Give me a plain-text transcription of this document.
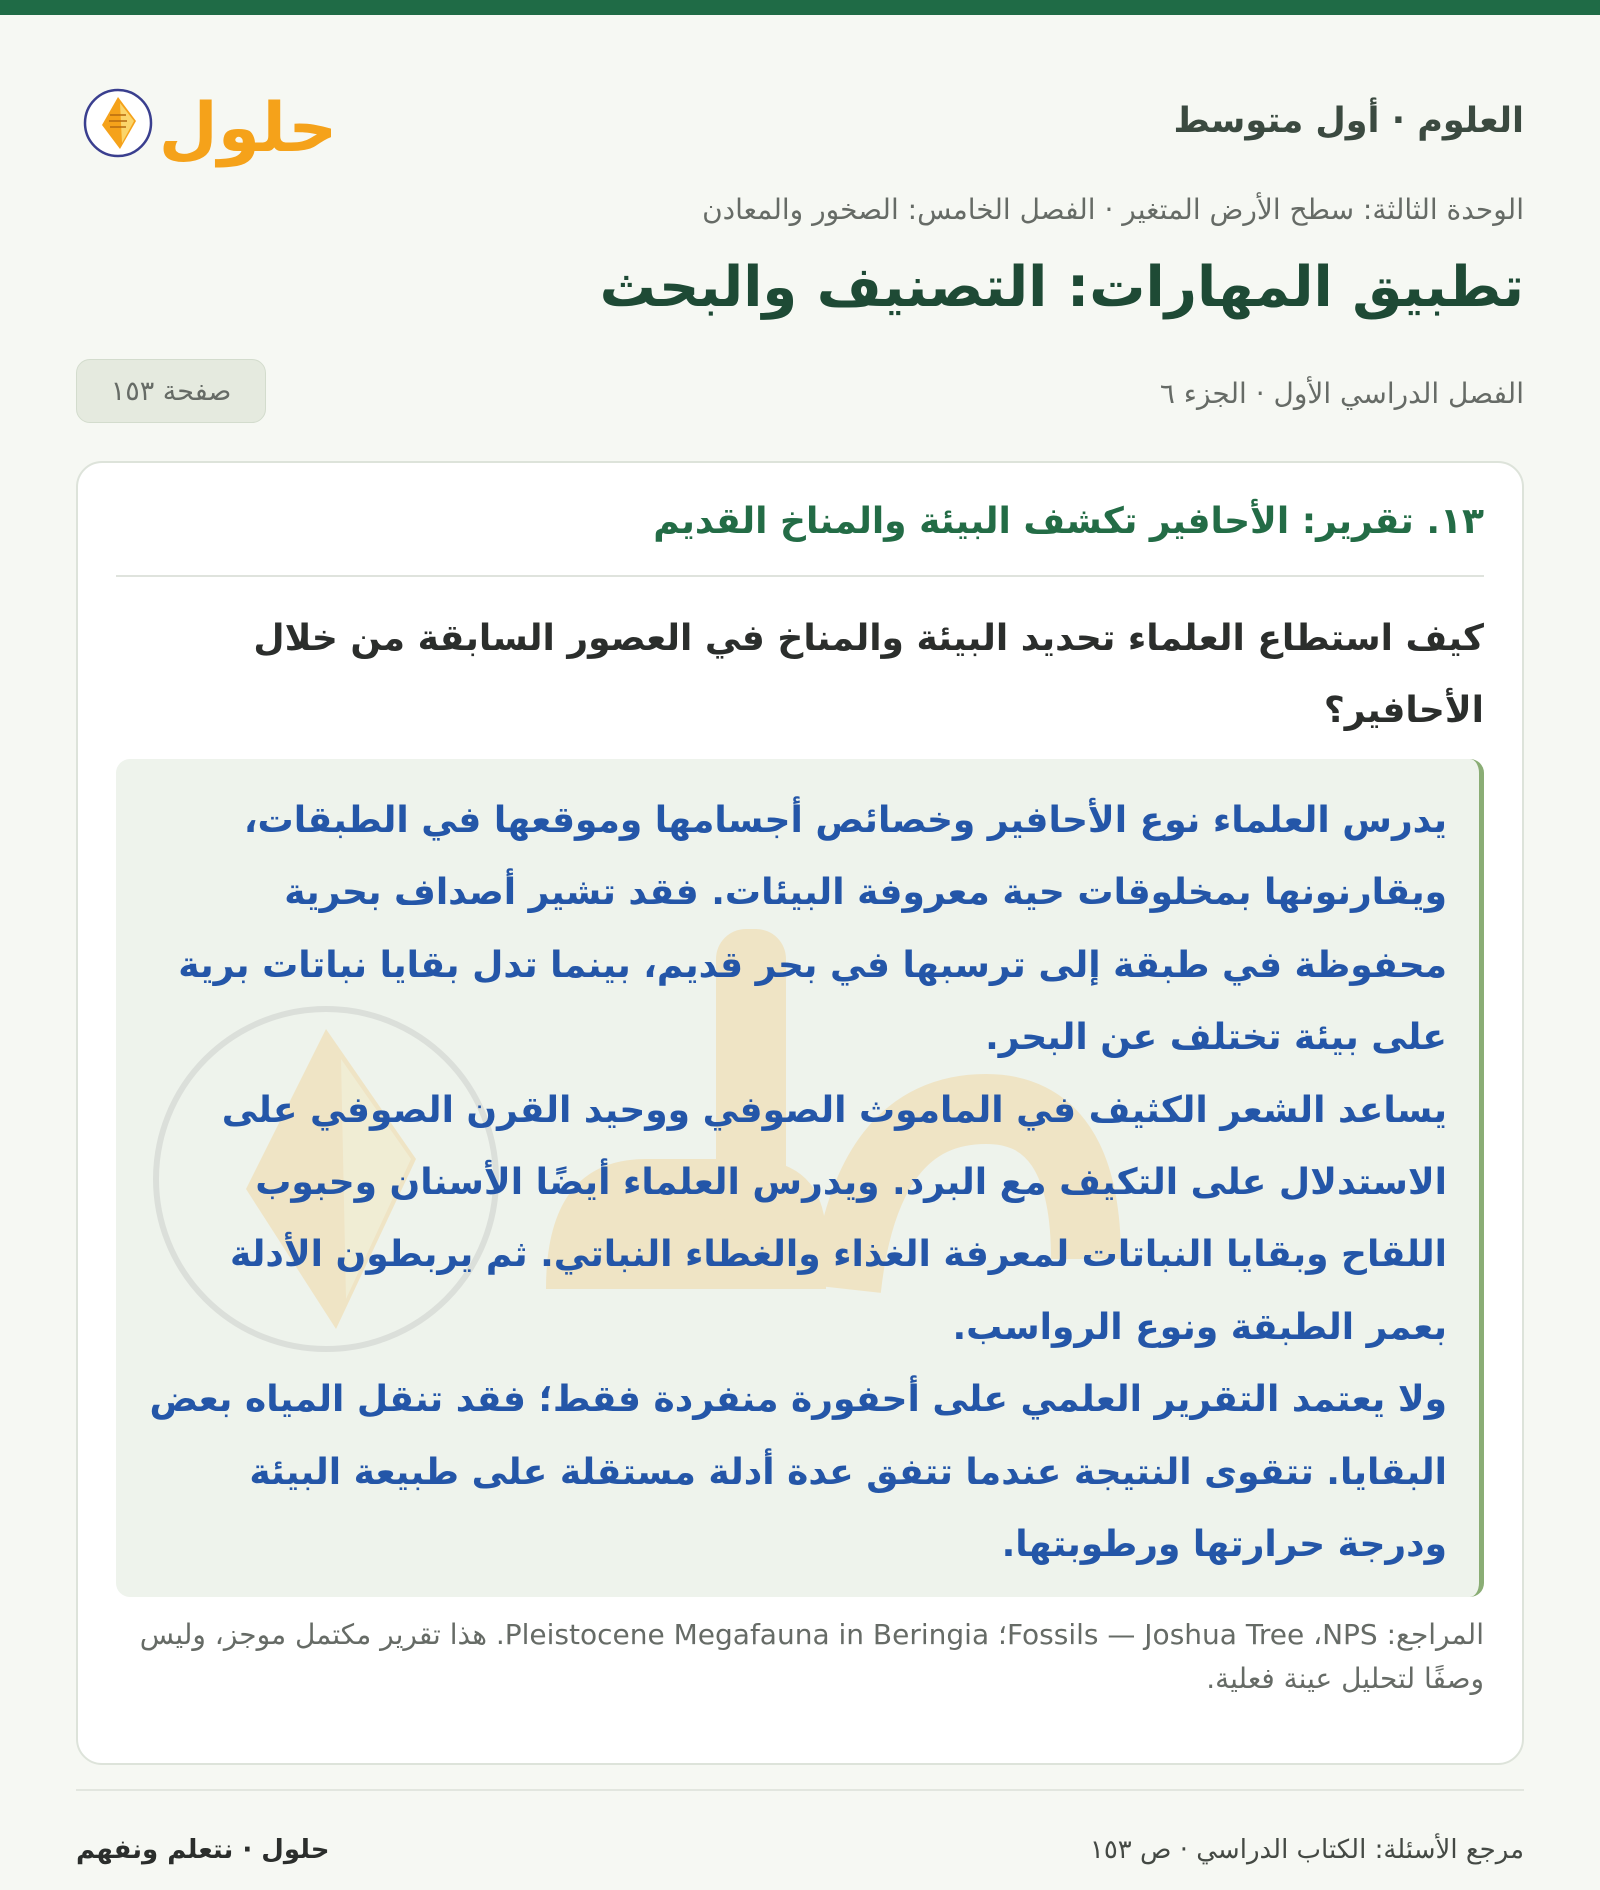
العلوم · أول متوسط
حلول
الوحدة الثالثة: سطح الأرض المتغير · الفصل الخامس: الصخور والمعادن
تطبيق المهارات: التصنيف والبحث
الفصل الدراسي الأول · الجزء ٦
صفحة ١٥٣
١٣. تقرير: الأحافير تكشف البيئة والمناخ القديم
كيف استطاع العلماء تحديد البيئة والمناخ في العصور السابقة من خلال الأحافير؟

يدرس العلماء نوع الأحافير وخصائص أجسامها وموقعها في الطبقات، ويقارنونها بمخلوقات حية معروفة البيئات. فقد تشير أصداف بحرية محفوظة في طبقة إلى ترسبها في بحر قديم، بينما تدل بقايا نباتات برية على بيئة تختلف عن البحر.

يساعد الشعر الكثيف في الماموث الصوفي ووحيد القرن الصوفي على الاستدلال على التكيف مع البرد. ويدرس العلماء أيضًا الأسنان وحبوب اللقاح وبقايا النباتات لمعرفة الغذاء والغطاء النباتي. ثم يربطون الأدلة بعمر الطبقة ونوع الرواسب.

ولا يعتمد التقرير العلمي على أحفورة منفردة فقط؛ فقد تنقل المياه بعض البقايا. تتقوى النتيجة عندما تتفق عدة أدلة مستقلة على طبيعة البيئة ودرجة حرارتها ورطوبتها.

المراجع: Fossils — Joshua Tree ،NPS؛ Pleistocene Megafauna in Beringia. هذا تقرير مكتمل موجز، وليس وصفًا لتحليل عينة فعلية.
مرجع الأسئلة: الكتاب الدراسي · ص ١٥٣
حلول · نتعلم ونفهم
